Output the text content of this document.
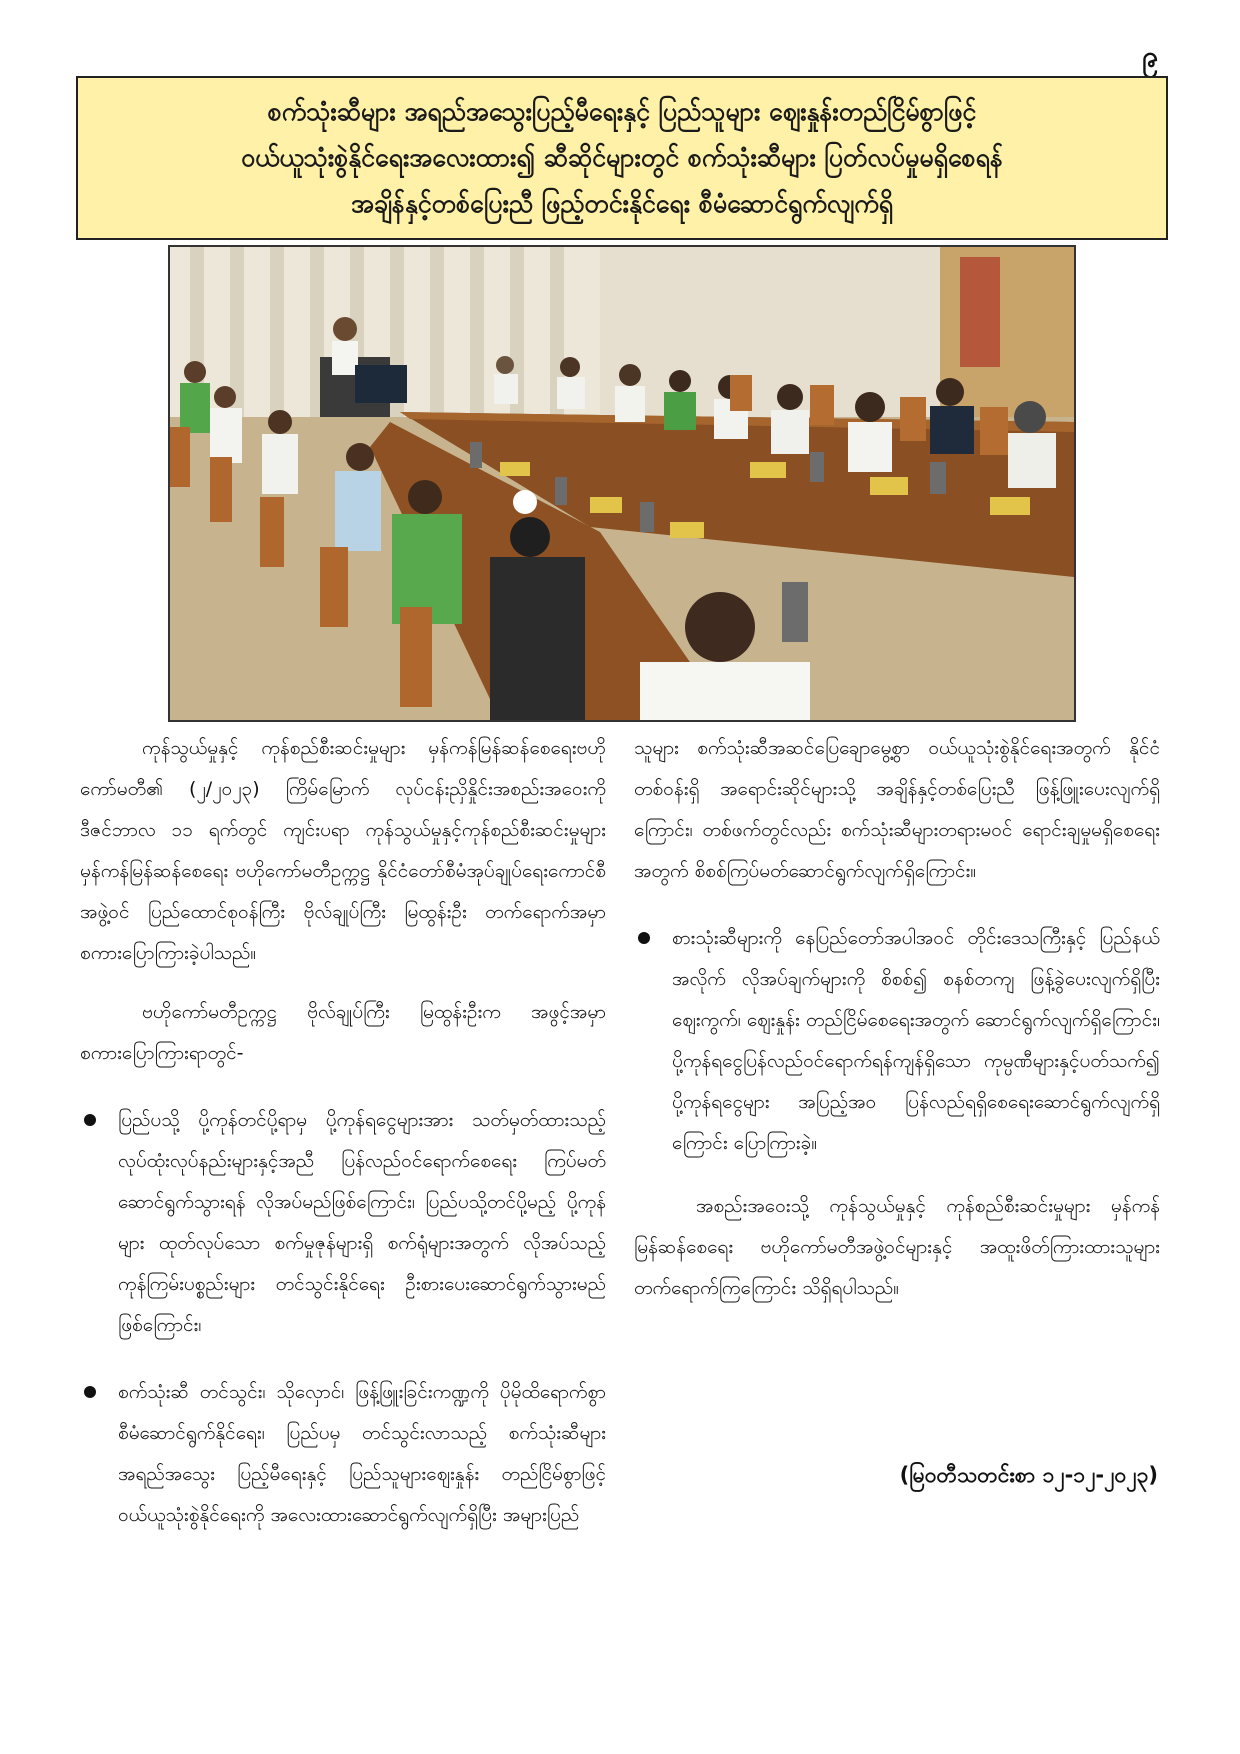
၉
စက်သုံးဆီများ အရည်အသွေးပြည့်မီရေးနှင့် ပြည်သူများ ဈေးနှုန်းတည်ငြိမ်စွာဖြင့်
ဝယ်ယူသုံးစွဲနိုင်ရေးအလေးထား၍ ဆီဆိုင်များတွင် စက်သုံးဆီများ ပြတ်လပ်မှုမရှိစေရန်
အချိန်နှင့်တစ်ပြေးညီ ဖြည့်တင်းနိုင်ရေး စီမံဆောင်ရွက်လျက်ရှိ

ကုန်သွယ်မှုနှင့် ကုန်စည်စီးဆင်းမှုများ မှန်ကန်မြန်ဆန်စေရေးဗဟိုကော်မတီ၏ (၂/၂၀၂၃) ကြိမ်မြောက် လုပ်ငန်းညှိနှိုင်းအစည်းအဝေးကို ဒီဇင်ဘာလ ၁၁ ရက်တွင် ကျင်းပရာ ကုန်သွယ်မှုနှင့်ကုန်စည်စီးဆင်းမှုများ မှန်ကန်မြန်ဆန်စေရေး ဗဟိုကော်မတီဥက္ကဋ္ဌ နိုင်ငံတော်စီမံအုပ်ချုပ်ရေးကောင်စီအဖွဲ့ဝင် ပြည်ထောင်စုဝန်ကြီး ဗိုလ်ချုပ်ကြီး မြထွန်းဦး တက်ရောက်အမှာစကားပြောကြားခဲ့ပါသည်။

ဗဟိုကော်မတီဥက္ကဋ္ဌ ဗိုလ်ချုပ်ကြီး မြထွန်းဦးက အဖွင့်အမှာစကားပြောကြားရာတွင်-

ပြည်ပသို့ ပို့ကုန်တင်ပို့ရာမှ ပို့ကုန်ရငွေများအား သတ်မှတ်ထားသည့် လုပ်ထုံးလုပ်နည်းများနှင့်အညီ ပြန်လည်ဝင်ရောက်စေရေး ကြပ်မတ်ဆောင်ရွက်သွားရန် လိုအပ်မည်ဖြစ်ကြောင်း၊ ပြည်ပသို့တင်ပို့မည့် ပို့ကုန်များ ထုတ်လုပ်သော စက်မှုဇုန်များရှိ စက်ရုံများအတွက် လိုအပ်သည့် ကုန်ကြမ်းပစ္စည်းများ တင်သွင်းနိုင်ရေး ဦးစားပေးဆောင်ရွက်သွားမည်ဖြစ်ကြောင်း၊
စက်သုံးဆီ တင်သွင်း၊ သိုလှောင်၊ ဖြန့်ဖြူးခြင်းကဏ္ဍကို ပိုမိုထိရောက်စွာ စီမံဆောင်ရွက်နိုင်ရေး၊ ပြည်ပမှ တင်သွင်းလာသည့် စက်သုံးဆီများ အရည်အသွေး ပြည့်မီရေးနှင့် ပြည်သူများဈေးနှုန်း တည်ငြိမ်စွာဖြင့် ဝယ်ယူသုံးစွဲနိုင်ရေးကို အလေးထားဆောင်ရွက်လျက်ရှိပြီး အများပြည်

သူများ စက်သုံးဆီအဆင်ပြေချောမွေ့စွာ ဝယ်ယူသုံးစွဲနိုင်ရေးအတွက် နိုင်ငံတစ်ဝန်းရှိ အရောင်းဆိုင်များသို့ အချိန်နှင့်တစ်ပြေးညီ ဖြန့်ဖြူးပေးလျက်ရှိကြောင်း၊ တစ်ဖက်တွင်လည်း စက်သုံးဆီများတရားမဝင် ရောင်းချမှုမရှိစေရေးအတွက် စိစစ်ကြပ်မတ်ဆောင်ရွက်လျက်ရှိကြောင်း။

စားသုံးဆီများကို နေပြည်တော်အပါအဝင် တိုင်းဒေသကြီးနှင့် ပြည်နယ်အလိုက် လိုအပ်ချက်များကို စိစစ်၍ စနစ်တကျ ဖြန့်ခွဲပေးလျက်ရှိပြီး ဈေးကွက်၊ ဈေးနှုန်း တည်ငြိမ်စေရေးအတွက် ဆောင်ရွက်လျက်ရှိကြောင်း၊ ပို့ကုန်ရငွေပြန်လည်ဝင်ရောက်ရန်ကျန်ရှိသော ကုမ္ပဏီများနှင့်ပတ်သက်၍ ပို့ကုန်ရငွေများ အပြည့်အဝ ပြန်လည်ရရှိစေရေးဆောင်ရွက်လျက်ရှိကြောင်း ပြောကြားခဲ့။

အစည်းအဝေးသို့ ကုန်သွယ်မှုနှင့် ကုန်စည်စီးဆင်းမှုများ မှန်ကန်မြန်ဆန်စေရေး ဗဟိုကော်မတီအဖွဲ့ဝင်များနှင့် အထူးဖိတ်ကြားထားသူများ တက်ရောက်ကြကြောင်း သိရှိရပါသည်။

(မြဝတီသတင်းစာ ၁၂-၁၂-၂၀၂၃)
